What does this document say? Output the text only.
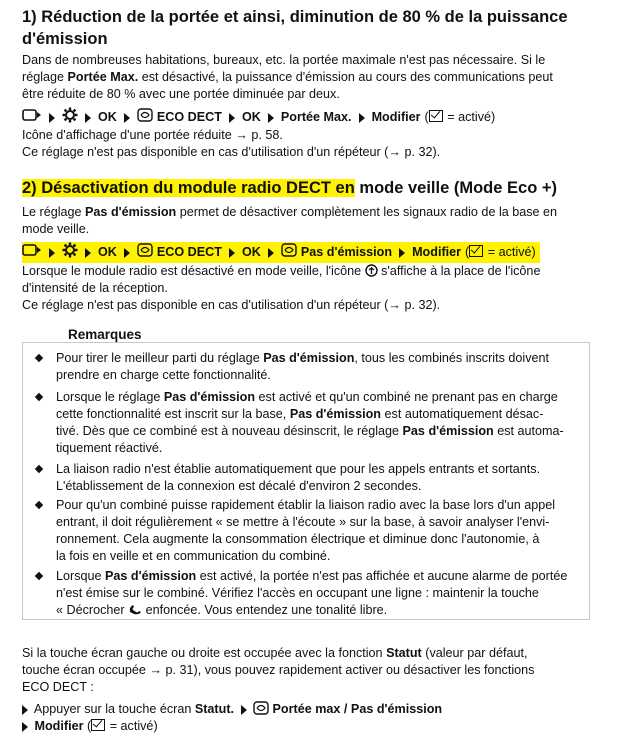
1) Réduction de la portée et ainsi, diminution de 80 % de la puissance
d'émission
Dans de nombreuses habitations, bureaux, etc. la portée maximale n'est pas nécessaire. Si le
réglage Portée Max. est désactivé, la puissance d'émission au cours des communications peut
être réduite de 80 % avec une portée diminuée par deux.
OK	ECO DECT OK Portée Max. Modifier ( = activé)
Icône d'affichage d'une portée réduite → p. 58.
Ce réglage n'est pas disponible en cas d'utilisation d'un répéteur (→ p. 32).
2) Désactivation du module radio DECT en mode veille (Mode Eco +)
Le réglage Pas d'émission permet de désactiver complètement les signaux radio de la base en
mode veille.
OK	ECO DECT OK	Pas d'émission Modifier ( = activé)
Lorsque le module radio est désactivé en mode veille, l'icône  s'affiche à la place de l'icône
d'intensité de la réception.
Ce réglage n'est pas disponible en cas d'utilisation d'un répéteur (→ p. 32).
Remarques
Pour tirer le meilleur parti du réglage Pas d'émission, tous les combinés inscrits doivent
prendre en charge cette fonctionnalité.
Lorsque le réglage Pas d'émission est activé et qu'un combiné ne prenant pas en charge
cette fonctionnalité est inscrit sur la base, Pas d'émission est automatiquement désac-
tivé. Dès que ce combiné est à nouveau désinscrit, le réglage Pas d'émission est automa-
tiquement réactivé.
La liaison radio n'est établie automatiquement que pour les appels entrants et sortants.
L'établissement de la connexion est décalé d'environ 2 secondes.
Pour qu'un combiné puisse rapidement établir la liaison radio avec la base lors d'un appel
entrant, il doit régulièrement « se mettre à l'écoute » sur la base, à savoir analyser l'envi-
ronnement. Cela augmente la consommation électrique et diminue donc l'autonomie, à
la fois en veille et en communication du combiné.
Lorsque Pas d'émission est activé, la portée n'est pas affichée et aucune alarme de portée
n'est émise sur le combiné. Vérifiez l'accès en occupant une ligne : maintenir la touche
« Décrocher  enfoncée. Vous entendez une tonalité libre.
Si la touche écran gauche ou droite est occupée avec la fonction Statut (valeur par défaut,
touche écran occupée → p. 31), vous pouvez rapidement activer ou désactiver les fonctions
ECO DECT :
Appuyer sur la touche écran Statut.	Portée max / Pas d'émission
Modifier ( = activé)
